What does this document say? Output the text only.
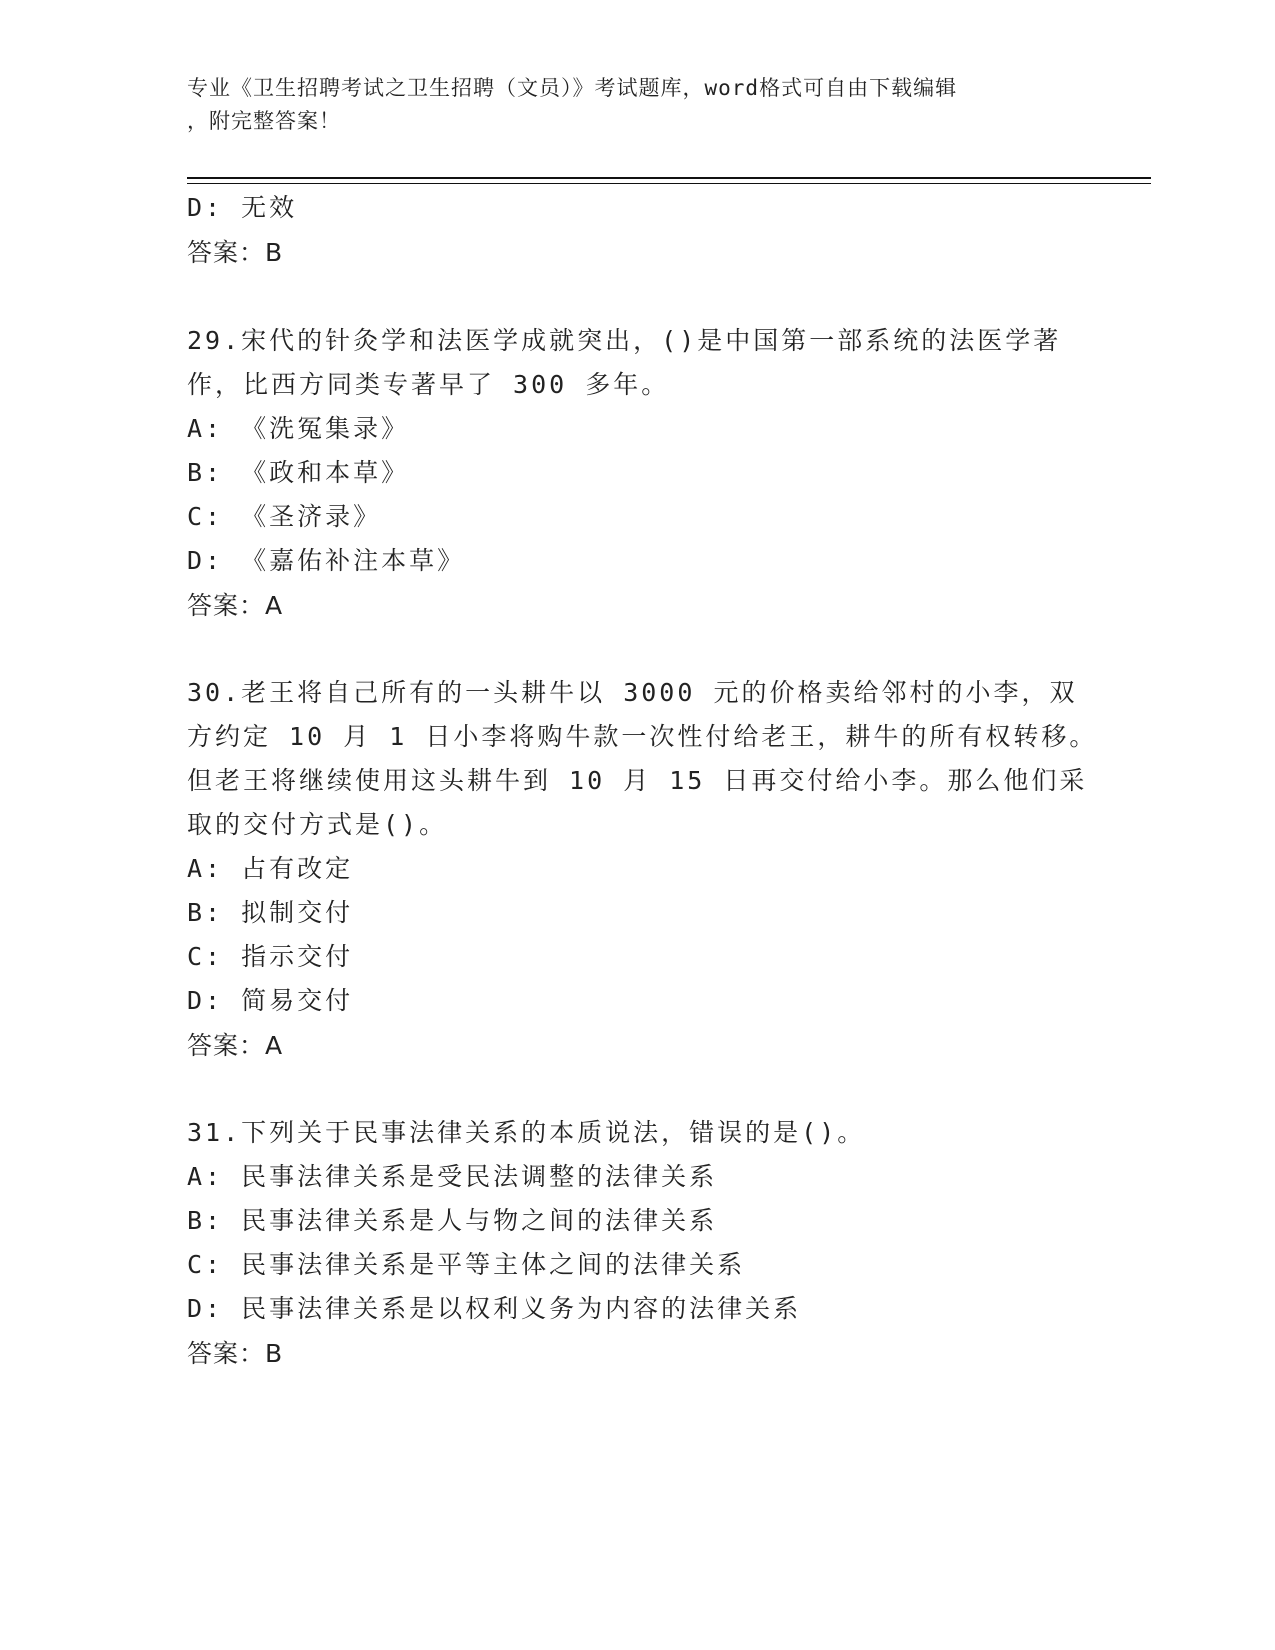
专业《卫生招聘考试之卫生招聘（文员）》考试题库，word格式可自由下载编辑
，附完整答案！
D: 无效
答案：B
29.宋代的针灸学和法医学成就突出，()是中国第一部系统的法医学著
作，比西方同类专著早了 300 多年。
A: 《洗冤集录》
B: 《政和本草》
C: 《圣济录》
D: 《嘉佑补注本草》
答案：A
30.老王将自己所有的一头耕牛以 3000 元的价格卖给邻村的小李，双
方约定 10 月 1 日小李将购牛款一次性付给老王，耕牛的所有权转移。
但老王将继续使用这头耕牛到 10 月 15 日再交付给小李。那么他们采
取的交付方式是()。
A: 占有改定
B: 拟制交付
C: 指示交付
D: 简易交付
答案：A
31.下列关于民事法律关系的本质说法，错误的是()。
A: 民事法律关系是受民法调整的法律关系
B: 民事法律关系是人与物之间的法律关系
C: 民事法律关系是平等主体之间的法律关系
D: 民事法律关系是以权利义务为内容的法律关系
答案：B
